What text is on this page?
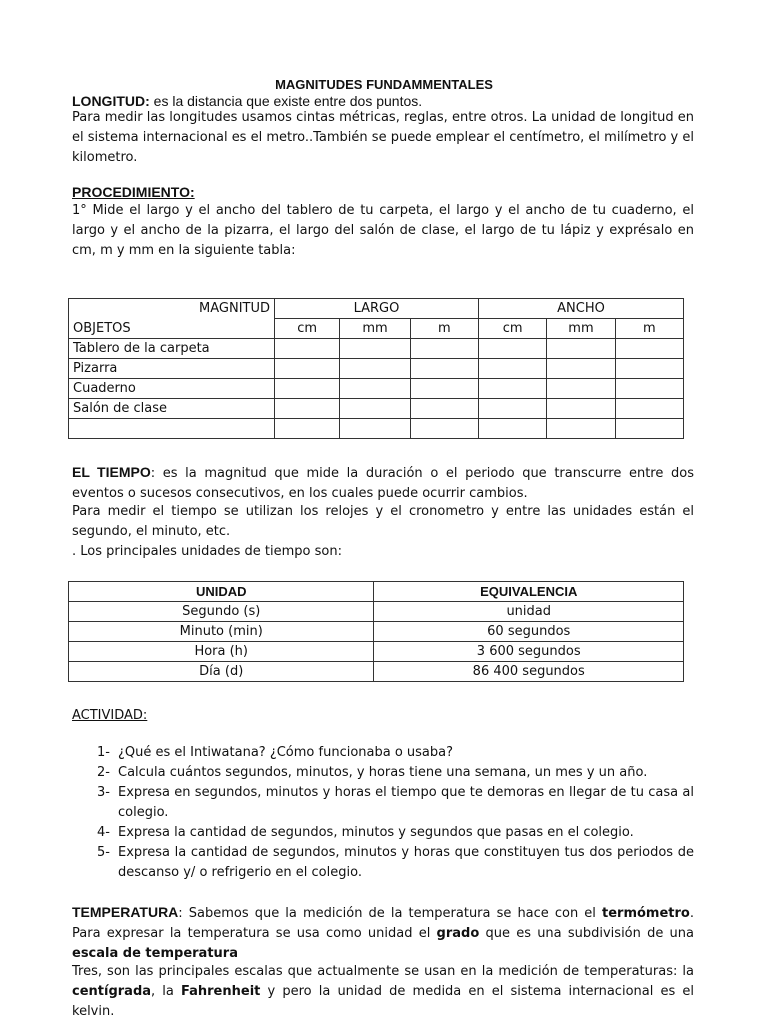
MAGNITUDES FUNDAMMENTALES
LONGITUD: es la distancia que existe entre dos puntos.
Para medir las longitudes usamos cintas métricas, reglas, entre otros. La unidad de longitud en el sistema internacional es el metro..También se puede emplear el centímetro, el milímetro y el kilometro.
PROCEDIMIENTO:
1° Mide el largo y el ancho del tablero de tu carpeta, el largo y el ancho de tu cuaderno, el largo y el ancho de la pizarra, el largo del salón de clase, el largo de tu lápiz y exprésalo en cm, m y mm en la siguiente tabla:
MAGNITUD	LARGO			ANCHO		
OBJETOS	cm	mm	m	cm	mm	m
Tablero de la carpeta						
Pizarra						
Cuaderno						
Salón de clase						

EL TIEMPO: es la magnitud que mide la duración o el periodo que transcurre entre dos eventos o sucesos consecutivos, en los cuales puede ocurrir cambios.
Para medir el tiempo se utilizan los relojes y el cronometro y entre las unidades están el segundo, el minuto, etc.
. Los principales unidades de tiempo son:
UNIDAD	EQUIVALENCIA
Segundo (s)	unidad
Minuto (min)	60 segundos
Hora (h)	3 600 segundos
Día (d)	86 400 segundos
ACTIVIDAD:
1- ¿Qué es el Intiwatana? ¿Cómo funcionaba o usaba?
2- Calcula cuántos segundos, minutos, y horas tiene una semana, un mes y un año.
3- Expresa en segundos, minutos y horas el tiempo que te demoras en llegar de tu casa al colegio.
4- Expresa la cantidad de segundos, minutos y segundos que pasas en el colegio.
5- Expresa la cantidad de segundos, minutos y horas que constituyen tus dos periodos de descanso y/ o refrigerio en el colegio.
TEMPERATURA: Sabemos que la medición de la temperatura se hace con el termómetro. Para expresar la temperatura se usa como unidad el grado que es una subdivisión de una escala de temperatura
Tres, son las principales escalas que actualmente se usan en la medición de temperaturas: la centígrada, la Fahrenheit y pero la unidad de medida en el sistema internacional es el kelvin.
